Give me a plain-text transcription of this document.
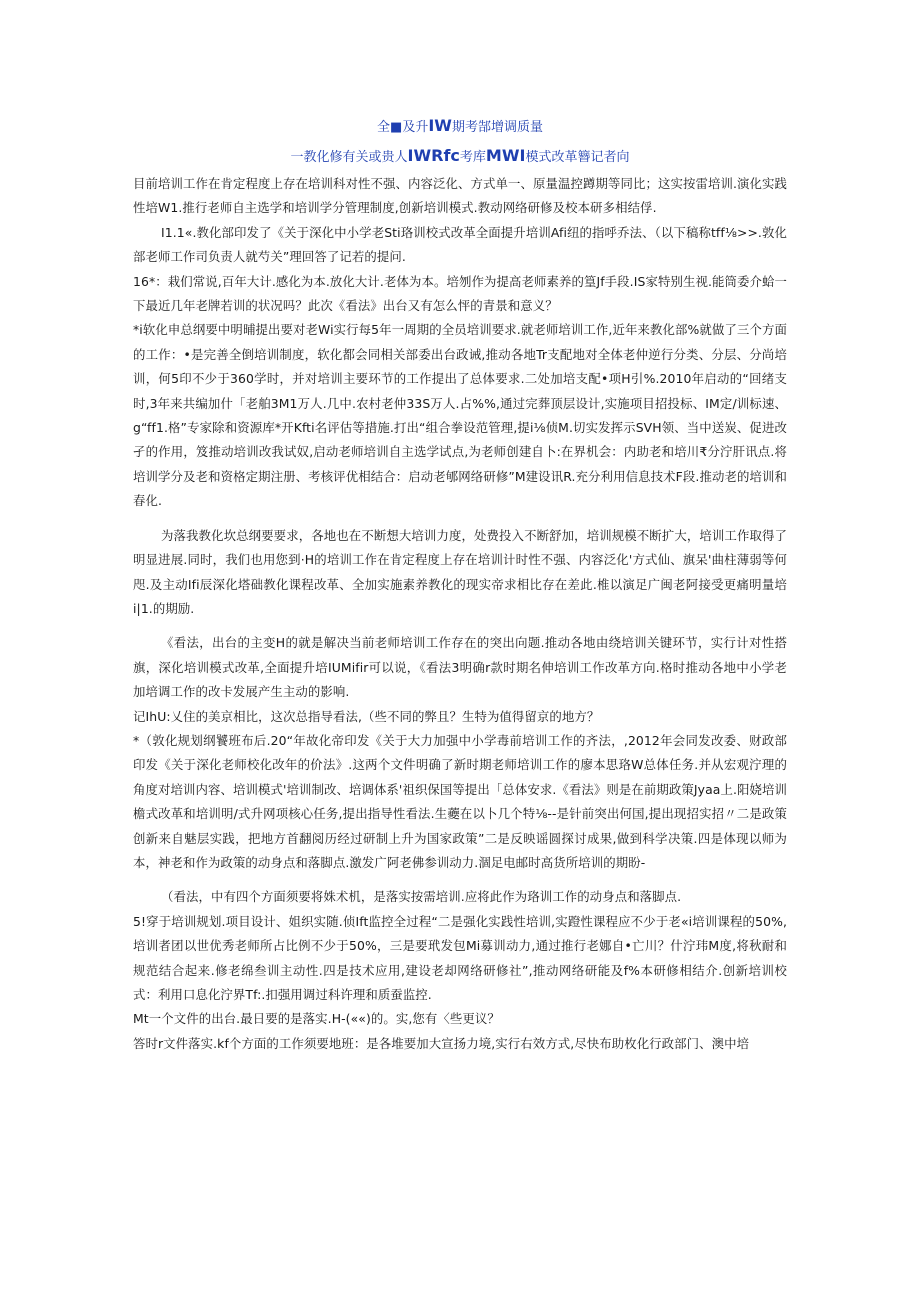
全■及升IW期考郜增调质量
一教化修有关或贵人IWRfc考库MWI模式改革簪记者向

目前培训工作在肯定程度上存在培训科对性不强、内容泛化、方式单一、原量温控蹲期等同比；这实按雷培训.演化实践性培W1.推行老师自主选学和培训学分管理制度,创新培训模式.教动网络研修及校本研多相结俘.

I1.1«.教化部印发了《关于深化中小学老Sti珞训校式改革全面提升培训Afi纽的指呼乔法、（以下稿称tff⅛>>.敦化部老师工作司负责人就芍关”理回答了记若的提问.

16*：栽们常说,百年大计.感化为本.放化大计.老体为本。培刎作为提高老师素养的篁Jf手段.IS家特别生视.能筒委介蛤一下最近几年老牌若训的状况吗？此次《看法》出台又有怎么怦的青景和意义？

*i软化申总纲要中明晡提出要对老Wi实行每5年一周期的全员培训要求.就老师培训工作,近年来教化部%就做了三个方面的工作：•是完善全倒培训制度，软化都会同相关部委出台政诫,推动各地Tr支配地对全体老仲逆行分类、分层、分尚培训，何5印不少于360学时，并对培训主要环节的工作提出了总体要求.二处加培支配•项H引%.2010年启动的“回绪支时,3年来共编加什「老舶3M1万人.几中.农村老仲33S万人.占%%,通过完葬顶层设计,实施项目招投标、IM定/训标速、g“ff1.格”专家除和资源库*开Kfti名评估等措施.打出“组合拳设范管理,提i⅛侦M.切实发挥示SVH领、当中送炭、促进改孑的作用，笈推动培训改我试奴,启动老师培训自主选学试点,为老师创建自卜:在界机会：内助老和培川₹分泞肝讯点.将培训学分及老和资格定期注册、考核评优相结合：启动老郇网络研修”M建设讯R.充分利用信息技术F段.推动老的培训和春化.

为落我教化坎总纲要要求，各地也在不断想大培训力度，处费投入不断舒加，培训规模不断扩大，培训工作取得了明显进展.同时，我们也用您到·H的培训工作在肯定程度上存在培训计时性不强、内容泛化'方式仙、旗呆'曲柱薄弱等何咫.及主动Ifi辰深化塔础教化课程改革、全加实施素养教化的现实帝求相比存在差此.椎以演足广闽老阿接受更痛明量培i|1.的期励.

《看法，出台的主变H的就是解决当前老师培训工作存在的突出向题.推动各地由绕培训关键环节，实行计对性搭旗，深化培训模式改革,全面提升培IUMifir可以说，《看法3明确r款时期名伸培训工作改革方向.格时推动各地中小学老加培调工作的改卡发展产生主动的影响.

记IhU:乂住的美京相比，这次总指导看法,（些不同的弊且？生特为值得留京的地方？

*（敦化规划纲饕班布后.20“年故化帝印发《关于大力加强中小学毒前培训工作的齐法，,2012年会同发改委、财政部印发《关于深化老师校化改年的价法》.这两个文件明确了新时期老师培训工作的廖本思珞W总体任务.并从宏观泞理的角度对培训内容、培训模式'培训制改、培调体系'祖织保国等提出「总体安求.《看法》则是在前期政策Jyaa上.阳娆培训檐式改革和培训明/式升网项核心任务,提出指导性看法.生蘷在以卜几个特⅛--是针前突出何国,提出现招实招〃二是政策创新来自魅层实践，把地方首翻阅历经过研制上升为国家政策”二是反映谣圆探讨成果,做到科学决策.四是体现以师为本，神老和作为政策的动身点和落脚点.激发广阿老佛参训动力.涸足电邮时高货所培训的期盼-

（看法，中有四个方面须要将姝术机，是落实按需培训.应将此作为珞训工作的动身点和落脚点.

5!穿于培训规划.项目设计、姐织实随.侦Ift监控全过程“二是强化实践性培训,实蹬性课程应不少于老«i培训课程的50%,培训者团以世优秀老师所占比例不少于50%，三是要玳发包Mi募训动力,通过推行老娜自•亡川？什泞玮M度,将秋耐和规范结合起来.修老绵叁训主动性.四是技术应用,建设老却网络研修社”,推动网络研能及f%本研修相结介.创新培训校式：利用口息化泞界Tf:.扣强用调过科许理和质蚕监控.

Mt一个文件的出台.最日要的是落实.H-(««)的。实,您有〈些更议？

答时r文件落实.kf个方面的工作须要地班：是各堆要加大宣扬力境,实行右效方式,尽快布助枚化行政部门、澳中培
